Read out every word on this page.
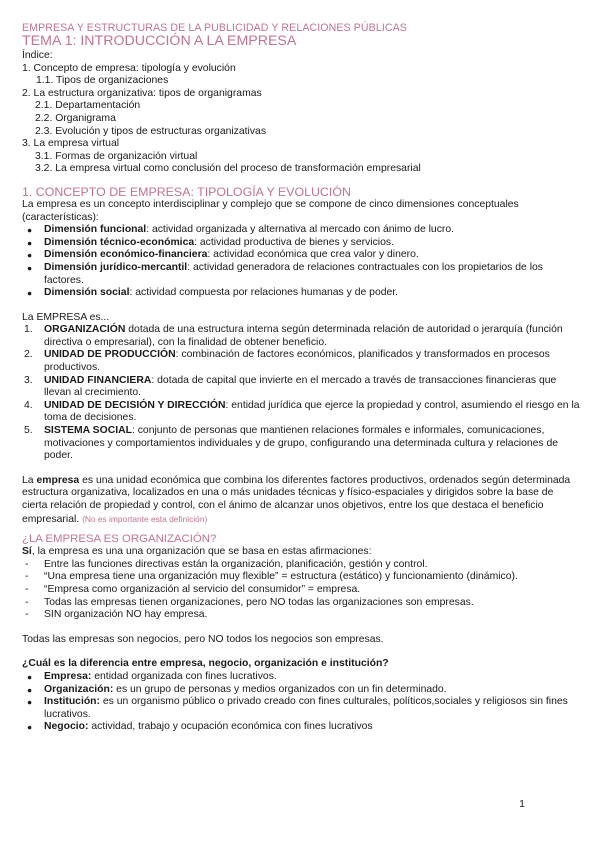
EMPRESA Y ESTRUCTURAS DE LA PUBLICIDAD Y RELACIONES PÚBLICAS
TEMA 1: INTRODUCCIÓN A LA EMPRESA
Índice:
1. Concepto de empresa: tipología y evolución
1.1. Tipos de organizaciones
2. La estructura organizativa: tipos de organigramas
2.1. Departamentación
2.2. Organigrama
2.3. Evolución y tipos de estructuras organizativas
3. La empresa virtual
3.1. Formas de organización virtual
3.2. La empresa virtual como conclusión del proceso de transformación empresarial
1. CONCEPTO DE EMPRESA: TIPOLOGÍA Y EVOLUCIÓN

La empresa es un concepto interdisciplinar y complejo que se compone de cinco dimensiones conceptuales (características):

● Dimensión funcional: actividad organizada y alternativa al mercado con ánimo de lucro.
● Dimensión técnico-económica: actividad productiva de bienes y servicios.
● Dimensión económico-financiera: actividad económica que crea valor y dinero.
● Dimensión jurídico-mercantil: actividad generadora de relaciones contractuales con los propietarios de los factores.
● Dimensión social: actividad compuesta por relaciones humanas y de poder.

La EMPRESA es...

1. ORGANIZACIÓN dotada de una estructura interna según determinada relación de autoridad o jerarquía (función directiva o empresarial), con la finalidad de obtener beneficio.
2. UNIDAD DE PRODUCCIÓN: combinación de factores económicos, planificados y transformados en procesos productivos.
3. UNIDAD FINANCIERA: dotada de capital que invierte en el mercado a través de transacciones financieras que llevan al crecimiento.
4. UNIDAD DE DECISIÓN Y DIRECCIÓN: entidad jurídica que ejerce la propiedad y control, asumiendo el riesgo en la toma de decisiones.
5. SISTEMA SOCIAL: conjunto de personas que mantienen relaciones formales e informales, comunicaciones, motivaciones y comportamientos individuales y de grupo, configurando una determinada cultura y relaciones de poder.

La empresa es una unidad económica que combina los diferentes factores productivos, ordenados según determinada estructura organizativa, localizados en una o más unidades técnicas y físico-espaciales y dirigidos sobre la base de cierta relación de propiedad y control, con el ánimo de alcanzar unos objetivos, entre los que destaca el beneficio empresarial. (No es importante esta definición)

¿LA EMPRESA ES ORGANIZACIÓN?

Sí, la empresa es una una organización que se basa en estas afirmaciones:

- Entre las funciones directivas están la organización, planificación, gestión y control.
- “Una empresa tiene una organización muy flexible” = estructura (estático) y funcionamiento (dinámico).
- “Empresa como organización al servicio del consumidor” = empresa.
- Todas las empresas tienen organizaciones, pero NO todas las organizaciones son empresas.
- SIN organización NO hay empresa.

Todas las empresas son negocios, pero NO todos los negocios son empresas.

¿Cuál es la diferencia entre empresa, negocio, organización e institución?

● Empresa: entidad organizada con fines lucrativos.
● Organización: es un grupo de personas y medios organizados con un fin determinado.
● Institución: es un organismo público o privado creado con fines culturales, políticos,sociales y religiosos sin fines lucrativos.
● Negocio: actividad, trabajo y ocupación económica con fines lucrativos
1
